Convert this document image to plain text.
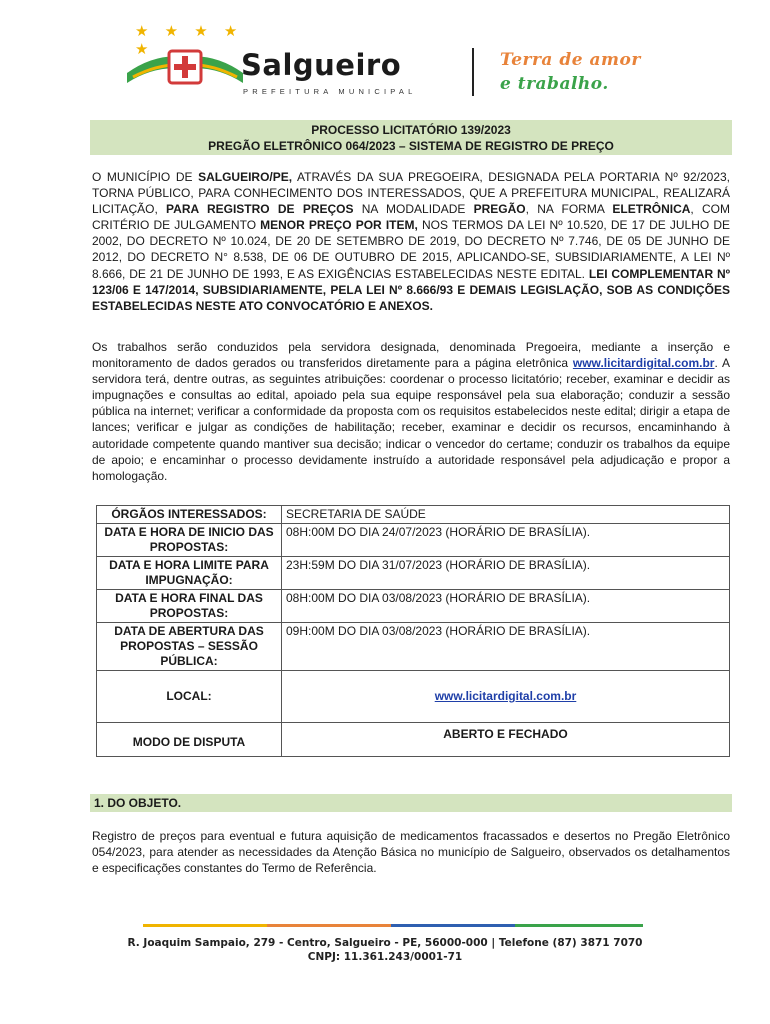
★ ★ ★ ★ ★	Salgueiro
PREFEITURA MUNICIPAL
Terra de amor
e trabalho.
PROCESSO LICITATÓRIO 139/2023
PREGÃO ELETRÔNICO 064/2023 – SISTEMA DE REGISTRO DE PREÇO
O MUNICÍPIO DE SALGUEIRO/PE, ATRAVÉS DA SUA PREGOEIRA, DESIGNADA PELA PORTARIA Nº 92/2023, TORNA PÚBLICO, PARA CONHECIMENTO DOS INTERESSADOS, QUE A PREFEITURA MUNICIPAL, REALIZARÁ LICITAÇÃO, PARA REGISTRO DE PREÇOS NA MODALIDADE PREGÃO, NA FORMA ELETRÔNICA, COM CRITÉRIO DE JULGAMENTO MENOR PREÇO POR ITEM, NOS TERMOS DA LEI Nº 10.520, DE 17 DE JULHO DE 2002, DO DECRETO Nº 10.024, DE 20 DE SETEMBRO DE 2019, DO DECRETO Nº 7.746, DE 05 DE JUNHO DE 2012, DO DECRETO N° 8.538, DE 06 DE OUTUBRO DE 2015, APLICANDO-SE, SUBSIDIARIAMENTE, A LEI Nº 8.666, DE 21 DE JUNHO DE 1993, E AS EXIGÊNCIAS ESTABELECIDAS NESTE EDITAL. LEI COMPLEMENTAR Nº 123/06 E 147/2014, SUBSIDIARIAMENTE, PELA LEI Nº 8.666/93 E DEMAIS LEGISLAÇÃO, SOB AS CONDIÇÕES ESTABELECIDAS NESTE ATO CONVOCATÓRIO E ANEXOS.
Os trabalhos serão conduzidos pela servidora designada, denominada Pregoeira, mediante a inserção e monitoramento de dados gerados ou transferidos diretamente para a página eletrônica www.licitardigital.com.br. A servidora terá, dentre outras, as seguintes atribuições: coordenar o processo licitatório; receber, examinar e decidir as impugnações e consultas ao edital, apoiado pela sua equipe responsável pela sua elaboração; conduzir a sessão pública na internet; verificar a conformidade da proposta com os requisitos estabelecidos neste edital; dirigir a etapa de lances; verificar e julgar as condições de habilitação; receber, examinar e decidir os recursos, encaminhando à autoridade competente quando mantiver sua decisão; indicar o vencedor do certame; conduzir os trabalhos da equipe de apoio; e encaminhar o processo devidamente instruído a autoridade responsável pela adjudicação e propor a homologação.
ÓRGÃOS INTERESSADOS:	SECRETARIA DE SAÚDE
DATA E HORA DE INICIO DAS PROPOSTAS:	08H:00M DO DIA 24/07/2023 (HORÁRIO DE BRASÍLIA).
DATA E HORA LIMITE PARA IMPUGNAÇÃO:	23H:59M DO DIA 31/07/2023 (HORÁRIO DE BRASÍLIA).
DATA E HORA FINAL DAS PROPOSTAS:	08H:00M DO DIA 03/08/2023 (HORÁRIO DE BRASÍLIA).
DATA DE ABERTURA DAS PROPOSTAS – SESSÃO PÚBLICA:	09H:00M DO DIA 03/08/2023 (HORÁRIO DE BRASÍLIA).
LOCAL:	www.licitardigital.com.br
MODO DE DISPUTA	ABERTO E FECHADO
1. DO OBJETO.
Registro de preços para eventual e futura aquisição de medicamentos fracassados e desertos no Pregão Eletrônico 054/2023, para atender as necessidades da Atenção Básica no município de Salgueiro, observados os detalhamentos e especificações constantes do Termo de Referência.
R. Joaquim Sampaio, 279 - Centro, Salgueiro - PE, 56000-000 | Telefone (87) 3871 7070
CNPJ: 11.361.243/0001-71
